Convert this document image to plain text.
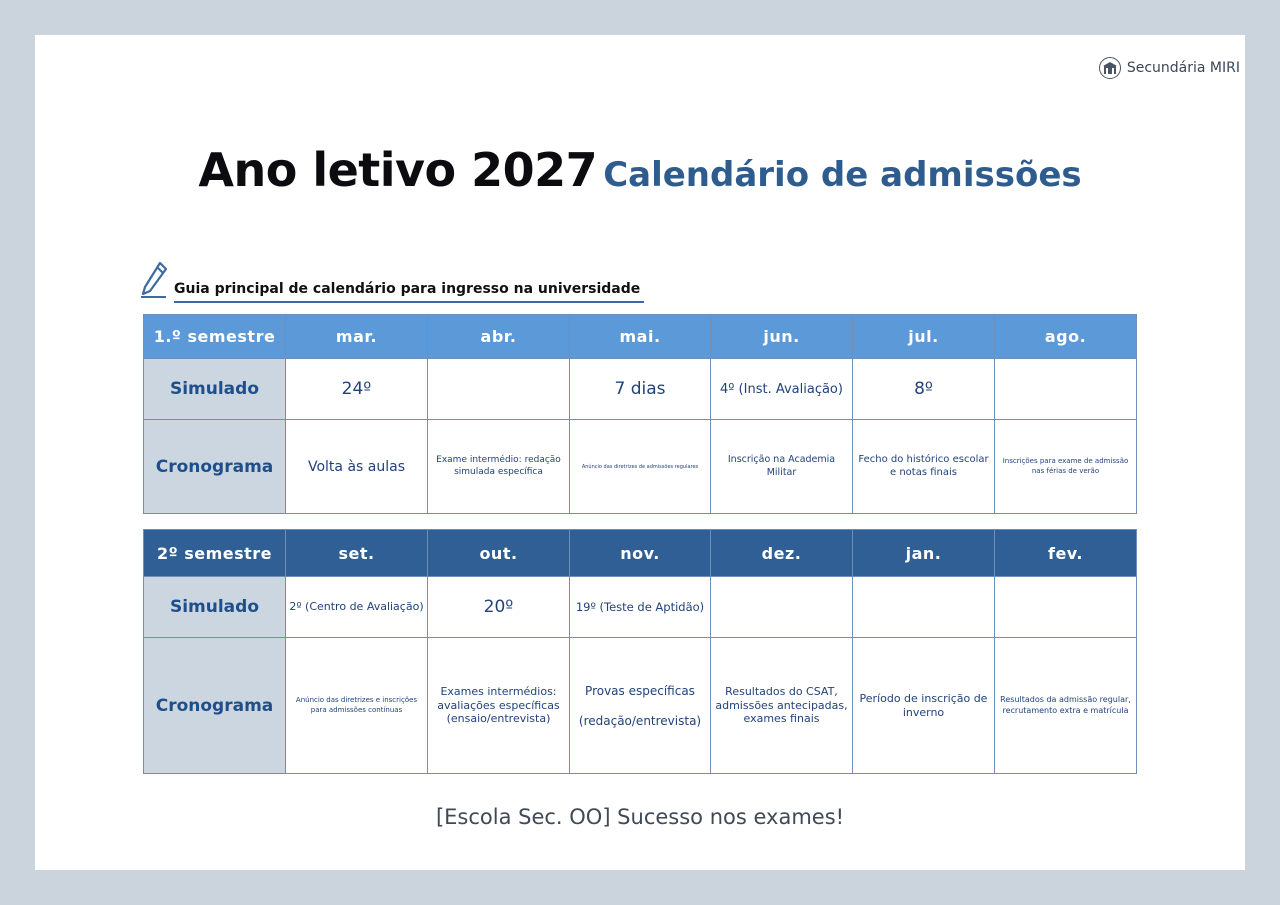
Secundária MIRI
Ano letivo 2027 Calendário de admissões
Guia principal de calendário para ingresso na universidade
1.º semestre	mar.	abr.	mai.	jun.	jul.	ago.
Simulado	24º		7 dias	4º (Inst. Avaliação)	8º	
Cronograma	Volta às aulas	Exame intermédio: redação simulada específica	Anúncio das diretrizes de admissões regulares	Inscrição na Academia Militar	Fecho do histórico escolar e notas finais	Inscrições para exame de admissão nas férias de verão
2º semestre	set.	out.	nov.	dez.	jan.	fev.
Simulado	2º (Centro de Avaliação)	20º	19º (Teste de Aptidão)			
Cronograma	Anúncio das diretrizes e inscrições para admissões contínuas	Exames intermédios: avaliações específicas (ensaio/entrevista)	Provas específicas (redação/entrevista)	Resultados do CSAT, admissões antecipadas, exames finais	Período de inscrição de inverno	Resultados da admissão regular, recrutamento extra e matrícula
[Escola Sec. OO] Sucesso nos exames!
